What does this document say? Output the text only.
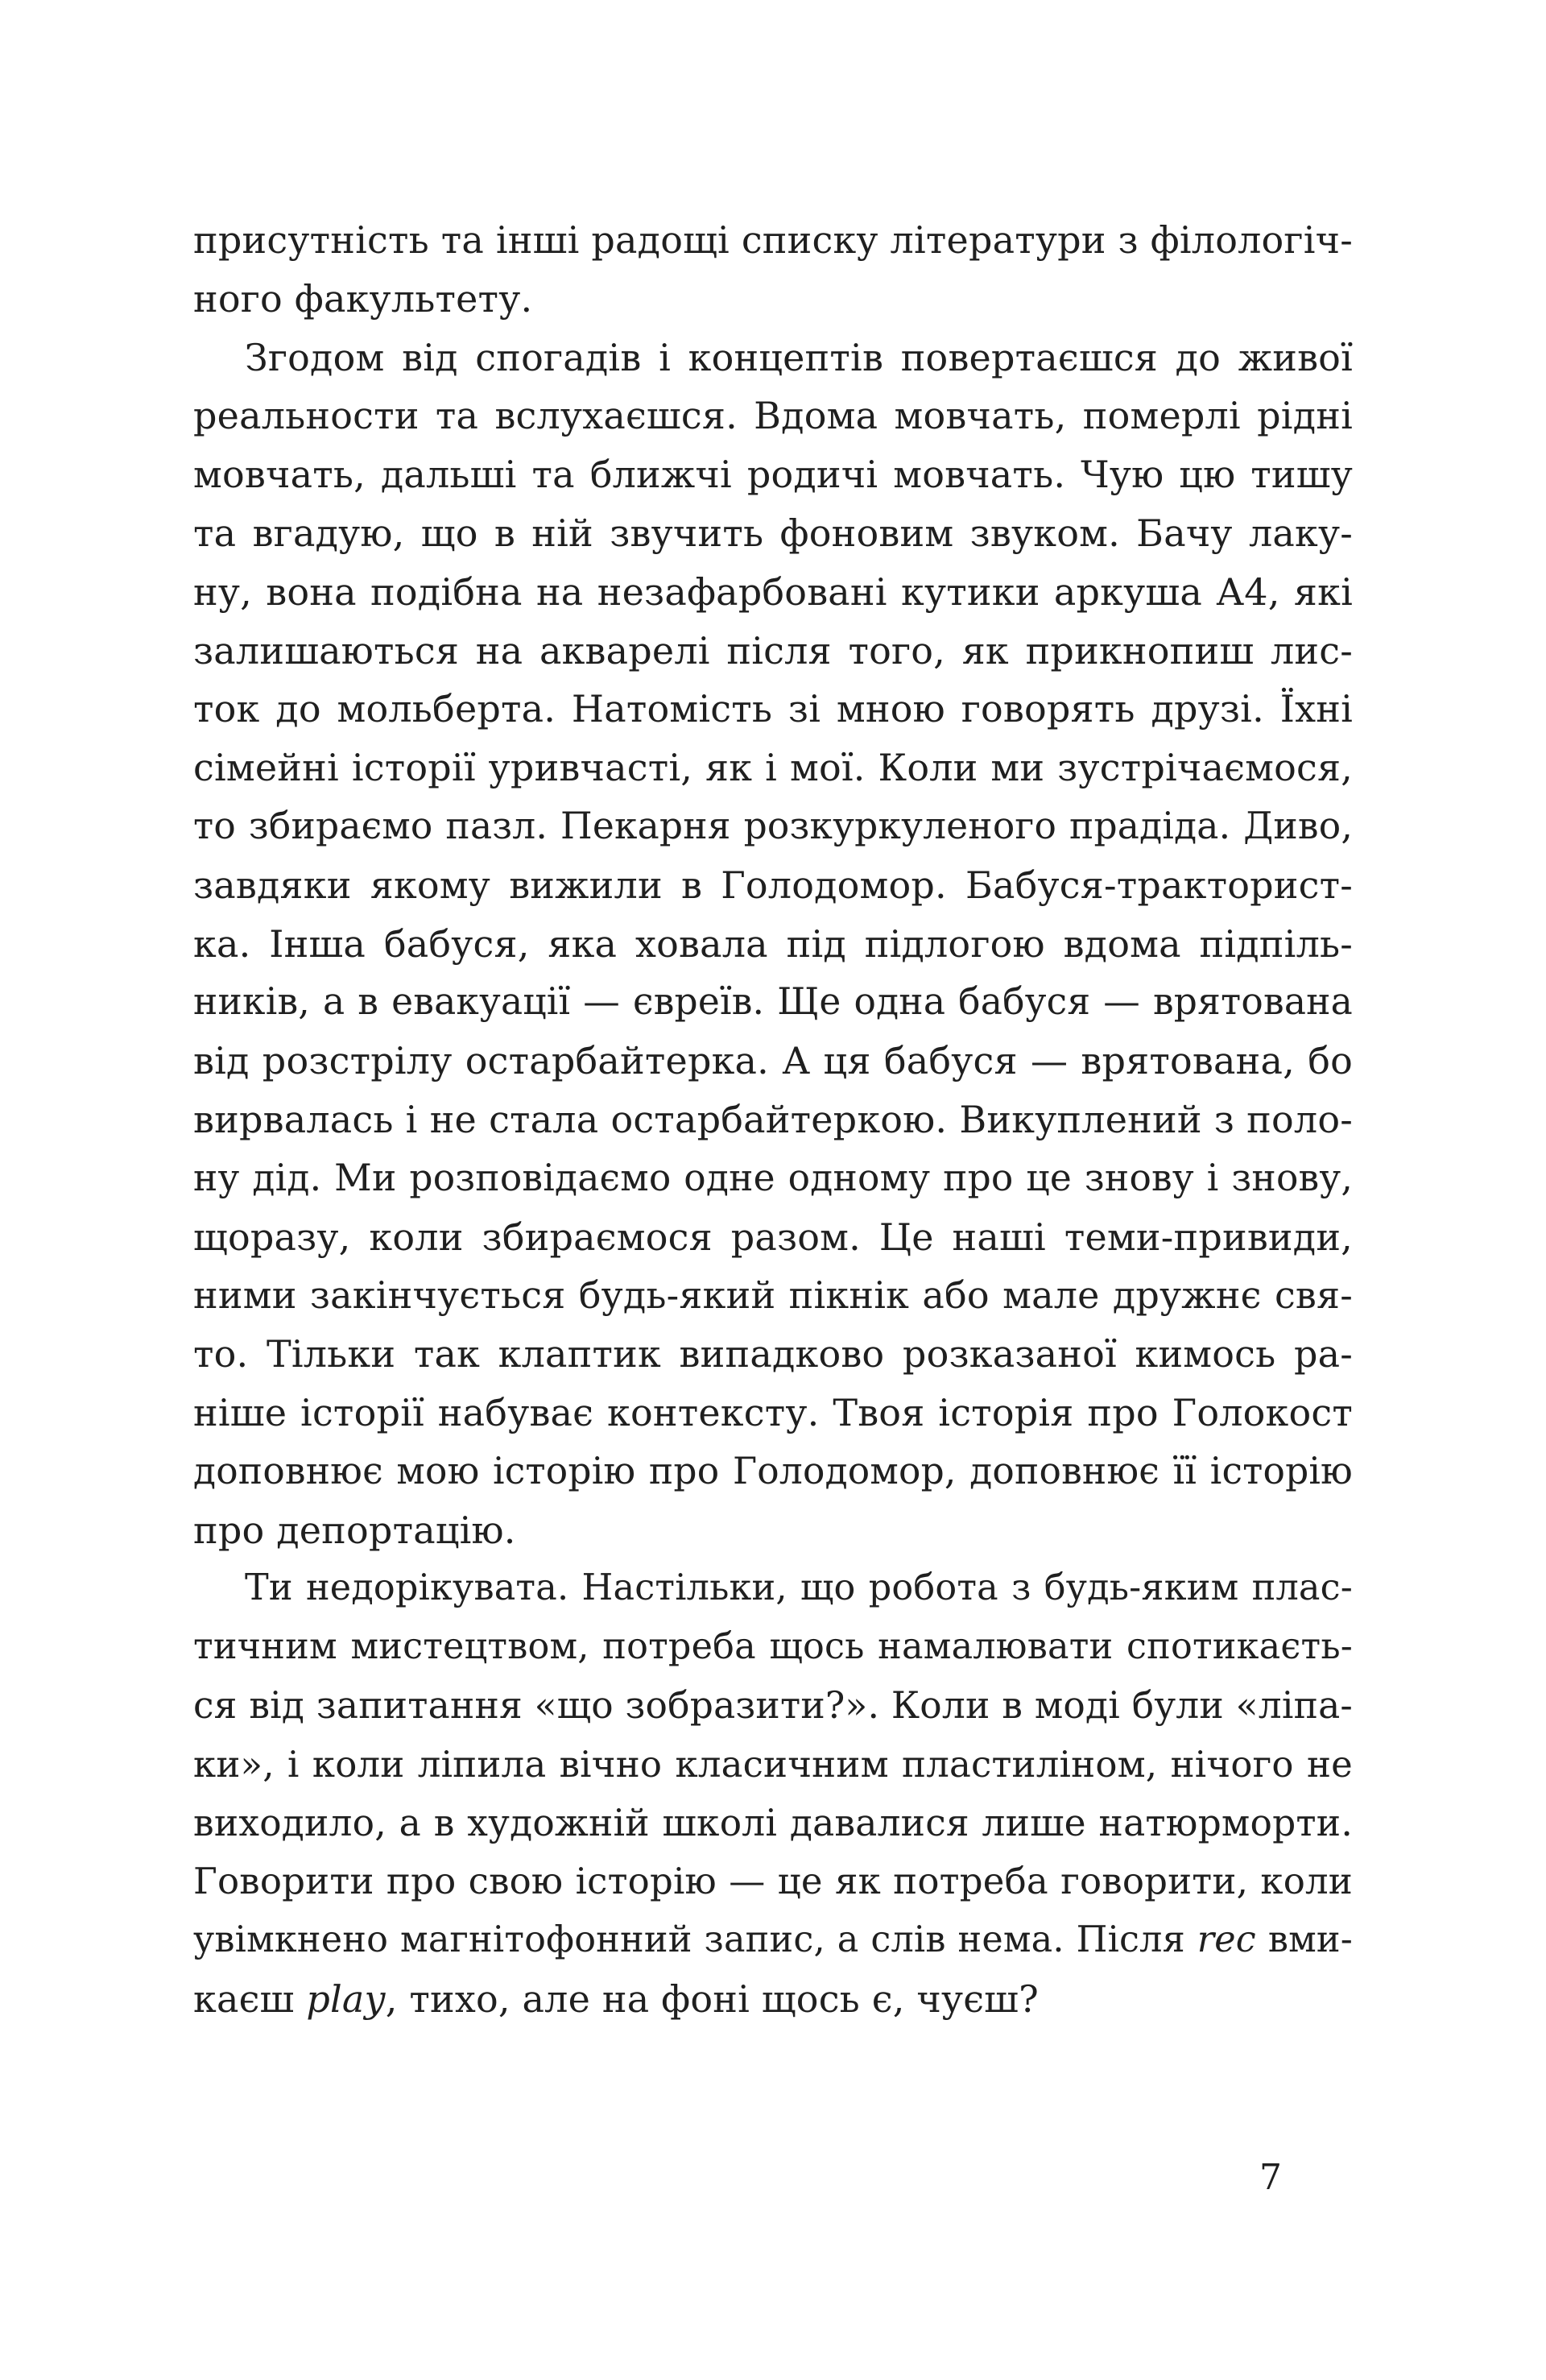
присутність та інші радощі списку літератури з філологіч-
ного факультету.
Згодом від спогадів і концептів повертаєшся до живої
реальности та вслухаєшся. Вдома мовчать, померлі рідні
мовчать, дальші та ближчі родичі мовчать. Чую цю тишу
та вгадую, що в ній звучить фоновим звуком. Бачу лаку-
ну, вона подібна на незафарбовані кутики аркуша А4, які
залишаються на акварелі після того, як прикнопиш лис-
ток до мольберта. Натомість зі мною говорять друзі. Їхні
сімейні історії уривчасті, як і мої. Коли ми зустрічаємося,
то збираємо пазл. Пекарня розкуркуленого прадіда. Диво,
завдяки якому вижили в Голодомор. Бабуся-тракторист-
ка. Інша бабуся, яка ховала під підлогою вдома підпіль-
ників, а в евакуації — євреїв. Ще одна бабуся — врятована
від розстрілу остарбайтерка. А ця бабуся — врятована, бо
вирвалась і не стала остарбайтеркою. Викуплений з поло-
ну дід. Ми розповідаємо одне одному про це знову і знову,
щоразу, коли збираємося разом. Це наші теми-привиди,
ними закінчується будь-який пікнік або мале дружнє свя-
то. Тільки так клаптик випадково розказаної кимось ра-
ніше історії набуває контексту. Твоя історія про Голокост
доповнює мою історію про Голодомор, доповнює її історію
про депортацію.
Ти недорікувата. Настільки, що робота з будь-яким плас-
тичним мистецтвом, потреба щось намалювати спотикаєть-
ся від запитання «що зобразити?». Коли в моді були «ліпа-
ки», і коли ліпила вічно класичним пластиліном, нічого не
виходило, а в художній школі давалися лише натюрморти.
Говорити про свою історію — це як потреба говорити, коли
увімкнено магнітофонний запис, а слів нема. Після rec вми-
каєш play, тихо, але на фоні щось є, чуєш?
7
